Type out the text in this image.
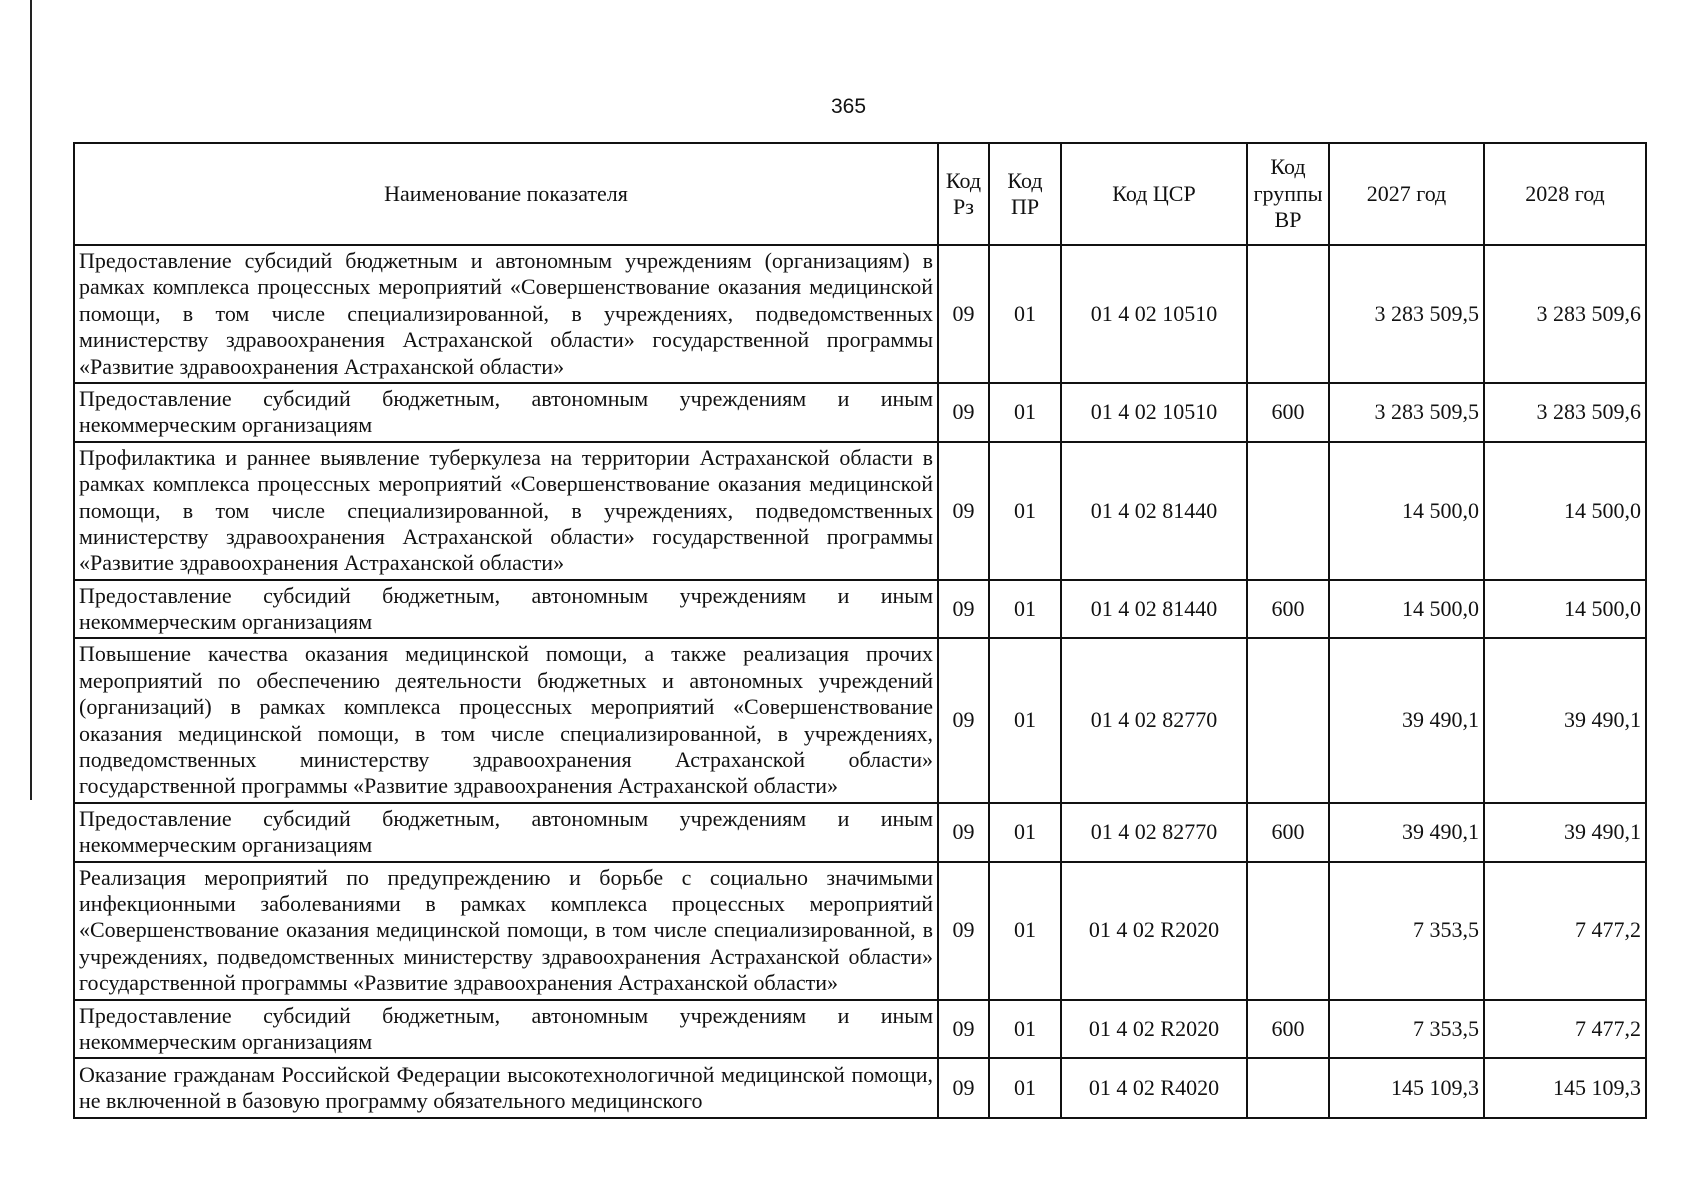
365
Наименование показателя	Код Рз	Код ПР	Код ЦСР	Код группы ВР	2027 год	2028 год
Предоставление субсидий бюджетным и автономным учреждениям (организациям) в рамках комплекса процессных мероприятий «Совершенствование оказания медицинской помощи, в том числе специализированной, в учреждениях, подведомственных министерству здравоохранения Астраханской области» государственной программы «Развитие здравоохранения Астраханской области»	09	01	01 4 02 10510		3 283 509,5	3 283 509,6
Предоставление субсидий бюджетным, автономным учреждениям и иным некоммерческим организациям	09	01	01 4 02 10510	600	3 283 509,5	3 283 509,6
Профилактика и раннее выявление туберкулеза на территории Астраханской области в рамках комплекса процессных мероприятий «Совершенствование оказания медицинской помощи, в том числе специализированной, в учреждениях, подведомственных министерству здравоохранения Астраханской области» государственной программы «Развитие здравоохранения Астраханской области»	09	01	01 4 02 81440		14 500,0	14 500,0
Предоставление субсидий бюджетным, автономным учреждениям и иным некоммерческим организациям	09	01	01 4 02 81440	600	14 500,0	14 500,0
Повышение качества оказания медицинской помощи, а также реализация прочих мероприятий по обеспечению деятельности бюджетных и автономных учреждений (организаций) в рамках комплекса процессных мероприятий «Совершенствование оказания медицинской помощи, в том числе специализированной, в учреждениях, подведомственных министерству здравоохранения Астраханской области» государственной программы «Развитие здравоохранения Астраханской области»	09	01	01 4 02 82770		39 490,1	39 490,1
Предоставление субсидий бюджетным, автономным учреждениям и иным некоммерческим организациям	09	01	01 4 02 82770	600	39 490,1	39 490,1
Реализация мероприятий по предупреждению и борьбе с социально значимыми инфекционными заболеваниями в рамках комплекса процессных мероприятий «Совершенствование оказания медицинской помощи, в том числе специализированной, в учреждениях, подведомственных министерству здравоохранения Астраханской области» государственной программы «Развитие здравоохранения Астраханской области»	09	01	01 4 02 R2020		7 353,5	7 477,2
Предоставление субсидий бюджетным, автономным учреждениям и иным некоммерческим организациям	09	01	01 4 02 R2020	600	7 353,5	7 477,2
Оказание гражданам Российской Федерации высокотехнологичной медицинской помощи, не включенной в базовую программу обязательного медицинского	09	01	01 4 02 R4020		145 109,3	145 109,3
